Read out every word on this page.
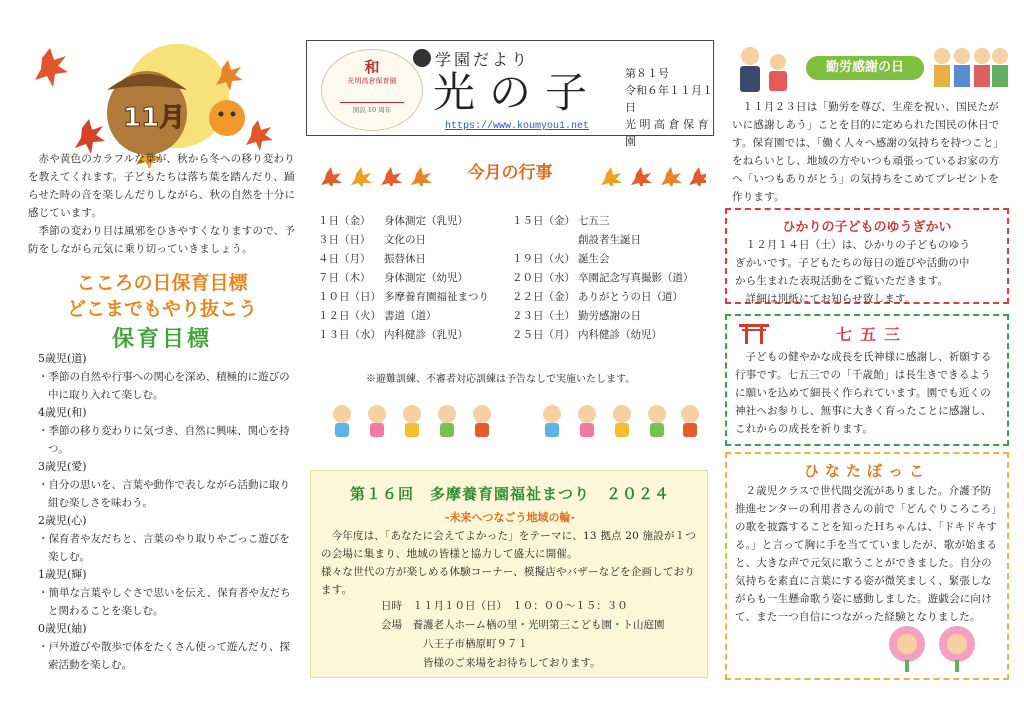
11月
赤や黄色のカラフルな葉が、秋から冬への移り変わりを教えてくれます。子どもたちは落ち葉を踏んだり、踊らせた時の音を楽しんだりしながら、秋の自然を十分に感じています。
季節の変わり目は風邪をひきやすくなりますので、予防をしながら元気に乗り切っていきましょう。
こころの日保育目標
どこまでもやり抜こう
保育目標
5歳児(道)
・季節の自然や行事への関心を深め、積極的に遊びの中に取り入れて楽しむ。
4歳児(和)
・季節の移り変わりに気づき、自然に興味、関心を持つ。
3歳児(愛)
・自分の思いを、言葉や動作で表しながら活動に取り組む楽しさを味わう。
2歳児(心)
・保育者や友だちと、言葉のやり取りやごっこ遊びを楽しむ。
1歳児(輝)
・簡単な言葉やしぐさで思いを伝え、保育者や友だちと関わることを楽しむ。
0歳児(紬)
・戸外遊びや散歩で体をたくさん使って遊んだり、探索活動を楽しむ。
和
光明高倉保育園
開設 10 周年
学園だより
光の子
https://www.koumyou1.net
第８１号
令和６年１１月１日
光 明 高 倉 保 育 園
今月の行事
１日（金） 身体測定（乳児）
３日（日） 文化の日
４日（月） 振替休日
７日（木） 身体測定（幼児）
１０日（日） 多摩養育園福祉まつり
１２日（火） 書道（道）
１３日（水） 内科健診（乳児）
１５日（金） 七五三
創設者生誕日
１９日（火） 誕生会
２０日（水） 卒園記念写真撮影（道）
２２日（金） ありがとうの日（道）
２３日（土） 勤労感謝の日
２５日（月） 内科健診（幼児）
※避難訓練、不審者対応訓練は予告なしで実施いたします。
第１６回　多摩養育園福祉まつり　２０２４
-未来へつなごう地域の輪-
今年度は、「あなたに会えてよかった」をテーマに、13 拠点 20 施設が１つの会場に集まり、地域の皆様と協力して盛大に開催。
様々な世代の方が楽しめる体験コーナー、模擬店やバザーなどを企画しております。
日時　１１月１０日（日）　１０：００～１５：３０
会場　養護老人ホーム楢の里・光明第三こども園・ト山庭園
八王子市楢原町９７１
皆様のご来場をお待ちしております。
勤労感謝の日
１１月２３日は「勤労を尊び、生産を祝い、国民たがいに感謝しあう」ことを目的に定められた国民の休日です。保育園では、「働く人々へ感謝の気持ちを持つこと」をねらいとし、地域の方やいつも頑張っているお家の方へ「いつもありがとう」の気持ちをこめてプレゼントを作ります。
ひかりの子どものゆうぎかい
１２月１４日（土）は、ひかりの子どものゆうぎかいです。子どもたちの毎日の遊びや活動の中から生まれた表現活動をご覧いただきます。
詳細は別紙にてお知らせ致します。
七五三
子どもの健やかな成長を氏神様に感謝し、祈願する行事です。七五三での「千歳飴」は長生きできるように願いを込めて細長く作られています。園でも近くの神社へお参りし、無事に大きく育ったことに感謝し、これからの成長を祈ります。
ひなたぼっこ
２歳児クラスで世代間交流がありました。介護予防推進センターの利用者さんの前で「どんぐりころころ」の歌を披露することを知ったＨちゃんは、「ドキドキする。」と言って胸に手を当てていましたが、歌が始まると、大きな声で元気に歌うことができました。自分の気持ちを素直に言葉にする姿が微笑ましく、緊張しながらも一生懸命歌う姿に感動しました。遊戯会に向けて、また一つ自信につながった経験となりました。
